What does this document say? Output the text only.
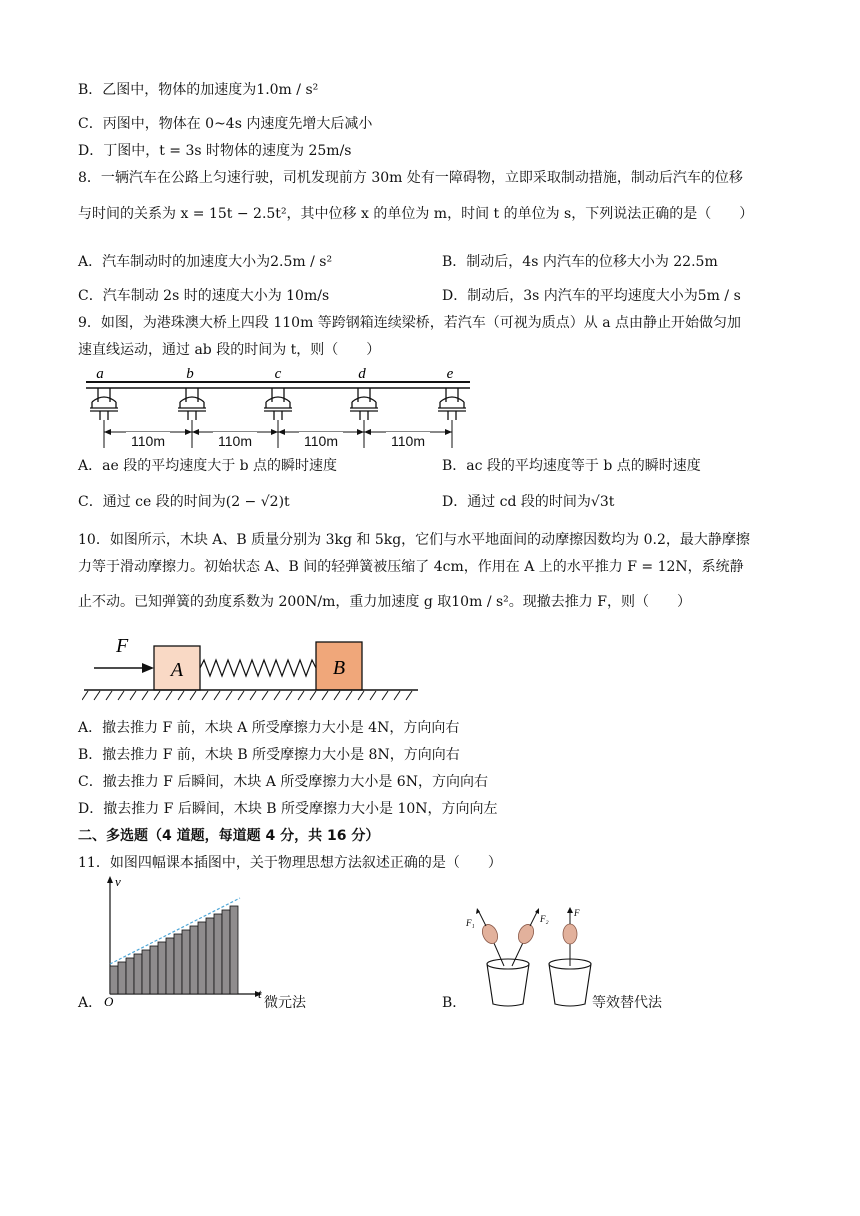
B．乙图中，物体的加速度为1.0m / s²
C．丙图中，物体在 0~4s 内速度先增大后减小
D．丁图中，t = 3s 时物体的速度为 25m/s
8．一辆汽车在公路上匀速行驶，司机发现前方 30m 处有一障碍物，立即采取制动措施，制动后汽车的位移
与时间的关系为 x = 15t − 2.5t²，其中位移 x 的单位为 m，时间 t 的单位为 s，下列说法正确的是（　　）
A．汽车制动时的加速度大小为2.5m / s²	B．制动后，4s 内汽车的位移大小为 22.5m
C．汽车制动 2s 时的速度大小为 10m/s	D．制动后，3s 内汽车的平均速度大小为5m / s
9．如图，为港珠澳大桥上四段 110m 等跨钢箱连续梁桥，若汽车（可视为质点）从 a 点由静止开始做匀加
速直线运动，通过 ab 段的时间为 t，则（　　）
a	b	c	d	e
110m	110m	110m	110m
A．ae 段的平均速度大于 b 点的瞬时速度	B．ac 段的平均速度等于 b 点的瞬时速度
C．通过 ce 段的时间为(2 − √2)t	D．通过 cd 段的时间为√3t
10．如图所示，木块 A、B 质量分别为 3kg 和 5kg，它们与水平地面间的动摩擦因数均为 0.2，最大静摩擦
力等于滑动摩擦力。初始状态 A、B 间的轻弹簧被压缩了 4cm，作用在 A 上的水平推力 F = 12N，系统静
止不动。已知弹簧的劲度系数为 200N/m，重力加速度 g 取10m / s²。现撤去推力 F，则（　　）
F
A	B
A．撤去推力 F 前，木块 A 所受摩擦力大小是 4N，方向向右
B．撤去推力 F 前，木块 B 所受摩擦力大小是 8N，方向向右
C．撤去推力 F 后瞬间，木块 A 所受摩擦力大小是 6N，方向向右
D．撤去推力 F 后瞬间，木块 B 所受摩擦力大小是 10N，方向向左
二、多选题（4 道题，每道题 4 分，共 16 分）
11．如图四幅课本插图中，关于物理思想方法叙述正确的是（　　）
A．
v
t
O	微元法	B．
F₁	F₂
F
等效替代法
